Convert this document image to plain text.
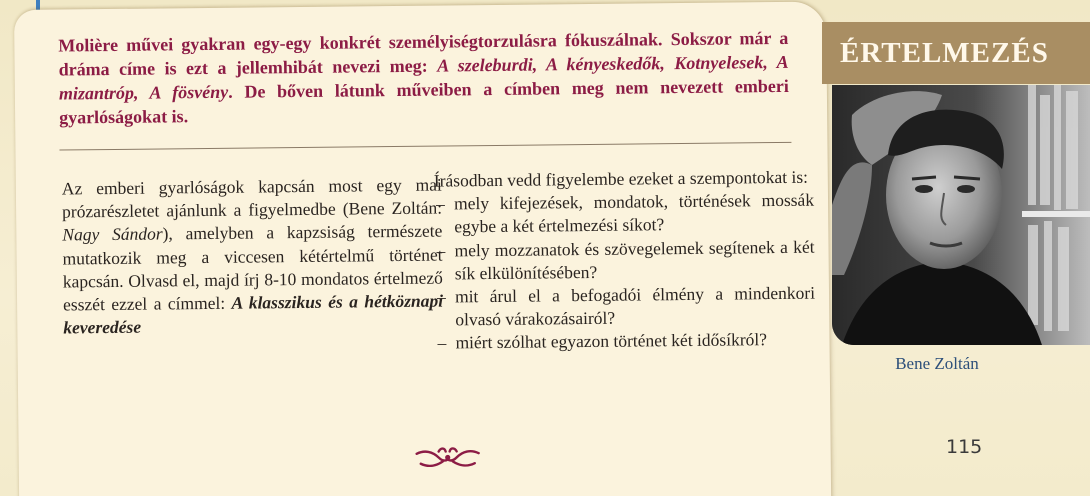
Molière művei gyakran egy-egy konkrét személyiségtorzulásra fókuszálnak. Sokszor már a dráma címe is ezt a jellemhibát nevezi meg: A szeleburdi, A kényeskedők, Kotnyelesek, A mizantróp, A fösvény. De bőven látunk műveiben a címben meg nem nevezett emberi gyarlóságokat is.

Az emberi gyarlóságok kapcsán most egy mai prózarészletet ajánlunk a figyelmedbe (Bene Zoltán: Nagy Sándor), amelyben a kapzsiság természete mutatkozik meg a viccesen kétértelmű történet kapcsán. Olvasd el, majd írj 8-10 mondatos értelmező esszét ezzel a címmel: A klasszikus és a hétköznapi keveredése

Írásodban vedd figyelembe ezeket a szempontokat is:

– mely kifejezések, mondatok, történések mossák egybe a két értelmezési síkot?
– mely mozzanatok és szövegelemek segítenek a két sík elkülönítésében?
– mit árul el a befogadói élmény a mindenkori olvasó várakozásairól?
– miért szólhat egyazon történet két idősíkról?
ÉRTELMEZÉS
Bene Zoltán
115
